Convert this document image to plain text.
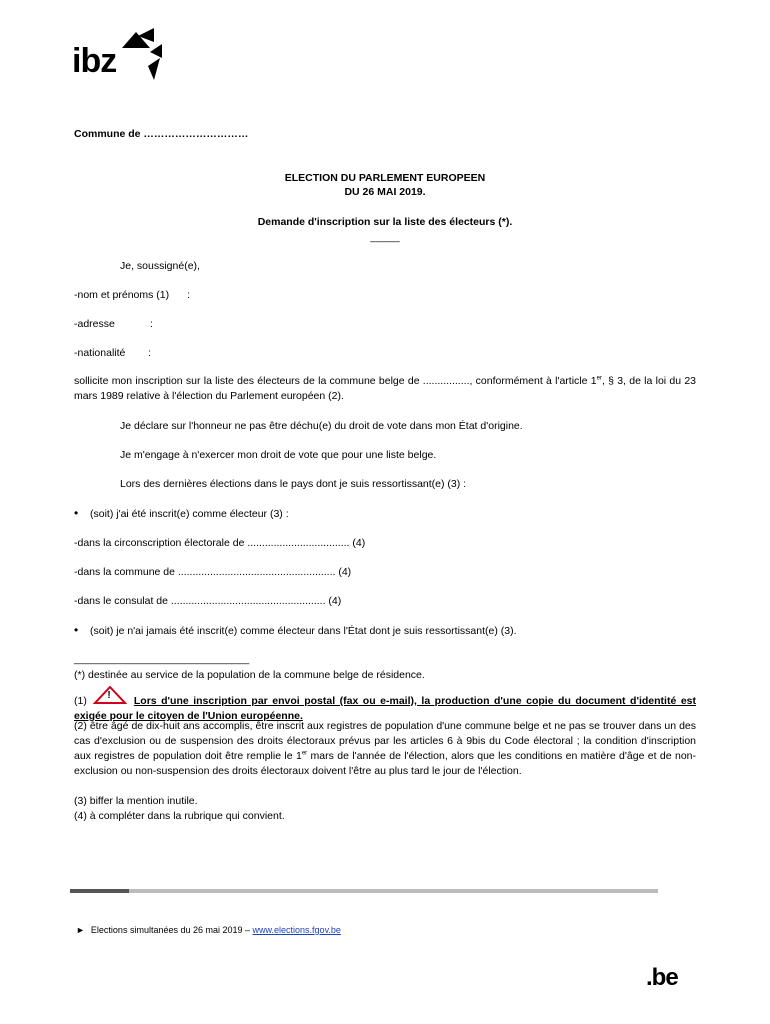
ibz
Commune de …………………………
ELECTION DU PARLEMENT EUROPEEN
DU 26 MAI 2019.
Demande d'inscription sur la liste des électeurs (*).
_____
Je, soussigné(e),
-nom et prénoms (1) :
-adresse	:
-nationalité :
sollicite mon inscription sur la liste des électeurs de la commune belge de ................, conformément à l'article 1er, § 3, de la loi du 23 mars 1989 relative à l'élection du Parlement européen (2).
Je déclare sur l'honneur ne pas être déchu(e) du droit de vote dans mon État d'origine.
Je m'engage à n'exercer mon droit de vote que pour une liste belge.
Lors des dernières élections dans le pays dont je suis ressortissant(e) (3) :
• (soit) j'ai été inscrit(e) comme électeur (3) :
-dans la circonscription électorale de ................................... (4)
-dans la commune de ...................................................... (4)
-dans le consulat de ..................................................... (4)
• (soit) je n'ai jamais été inscrit(e) comme électeur dans l'État dont je suis ressortissant(e) (3).
______________________________
(*) destinée au service de la population de la commune belge de résidence.
(1) ! Lors d'une inscription par envoi postal (fax ou e-mail), la production d'une copie du document d'identité est exigée pour le citoyen de l'Union européenne.
(2) être âgé de dix-huit ans accomplis, être inscrit aux registres de population d'une commune belge et ne pas se trouver dans un des cas d'exclusion ou de suspension des droits électoraux prévus par les articles 6 à 9bis du Code électoral ; la condition d'inscription aux registres de population doit être remplie le 1er mars de l'année de l'élection, alors que les conditions en matière d'âge et de non-exclusion ou non-suspension des droits électoraux doivent l'être au plus tard le jour de l'élection.
(3) biffer la mention inutile.
(4) à compléter dans la rubrique qui convient.
► Elections simultanées du 26 mai 2019 – www.elections.fgov.be
.be
